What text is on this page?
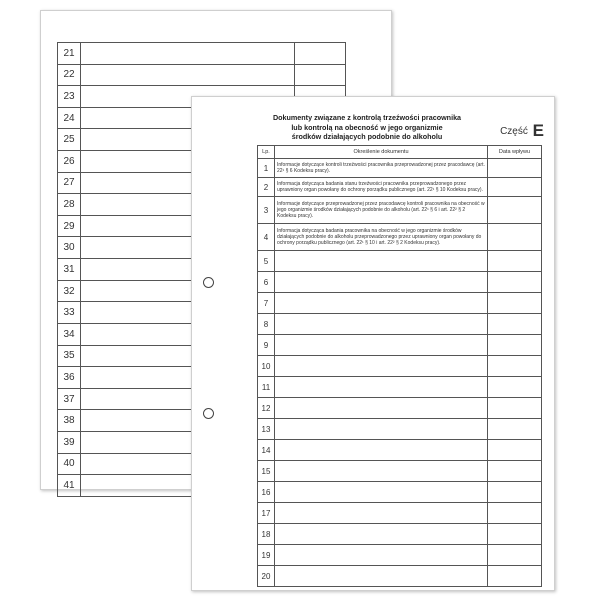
21		
22		
23		
24		
25		
26		
27		
28		
29		
30		
31		
32		
33		
34		
35		
36		
37		
38		
39		
40		
41		
Dokumenty związane z kontrolą trzeźwości pracownika
lub kontrolą na obecność w jego organizmie
środków działających podobnie do alkoholu	Część E
Lp.	Określenie dokumentu	Data wpływu
1	Informacje dotyczące kontroli trzeźwości pracownika przeprowadzonej przez pracodawcę (art. 22¹ § 6 Kodeksu pracy).	
2	Informacja dotycząca badania stanu trzeźwości pracownika przeprowadzonego przez uprawniony organ powołany do ochrony porządku publicznego (art. 22¹ § 10 Kodeksu pracy).	
3	Informacje dotyczące przeprowadzonej przez pracodawcę kontroli pracownika na obecność w jego organizmie środków działających podobnie do alkoholu (art. 22¹ § 6 i art. 22² § 2 Kodeksu pracy).	
4	Informacja dotycząca badania pracownika na obecność w jego organizmie środków działających podobnie do alkoholu przeprowadzonego przez uprawniony organ powołany do ochrony porządku publicznego (art. 22¹ § 10 i art. 22² § 2 Kodeksu pracy).	
5		
6		
7		
8		
9		
10		
11		
12		
13		
14		
15		
16		
17		
18		
19		
20		
